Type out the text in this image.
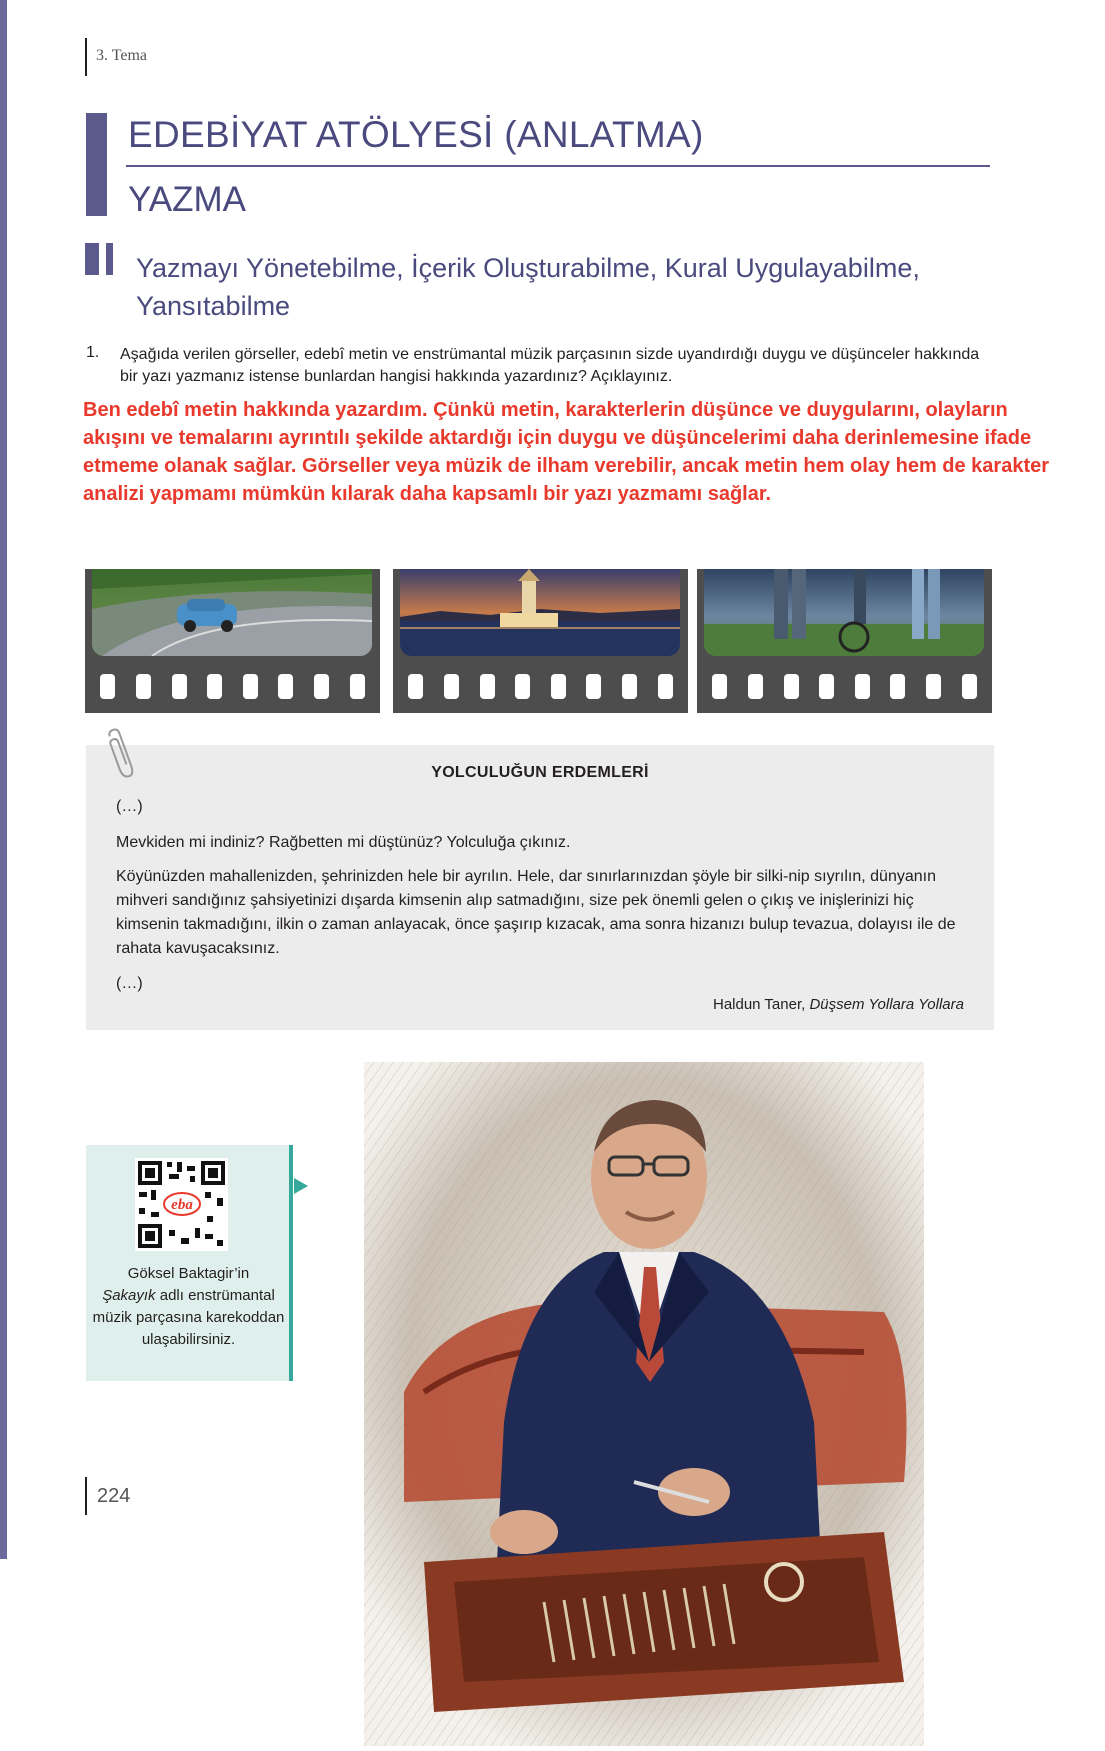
3. Tema
EDEBİYAT ATÖLYESİ (ANLATMA)
YAZMA
Yazmayı Yönetebilme, İçerik Oluşturabilme, Kural Uygulayabilme, Yansıtabilme
1. Aşağıda verilen görseller, edebî metin ve enstrümantal müzik parçasının sizde uyandırdığı duygu ve düşünceler hakkında bir yazı yazmanız istense bunlardan hangisi hakkında yazardınız? Açıklayınız.
Ben edebî metin hakkında yazardım. Çünkü metin, karakterlerin düşünce ve duygularını, olayların akışını ve temalarını ayrıntılı şekilde aktardığı için duygu ve düşüncelerimi daha derinlemesine ifade etmeme olanak sağlar. Görseller veya müzik de ilham verebilir, ancak metin hem olay hem de karakter analizi yapmamı mümkün kılarak daha kapsamlı bir yazı yazmamı sağlar.
YOLCULUĞUN ERDEMLERİ
(…)
Mevkiden mi indiniz? Rağbetten mi düştünüz? Yolculuğa çıkınız.
Köyünüzden mahallenizden, şehrinizden hele bir ayrılın. Hele, dar sınırlarınızdan şöyle bir silki-nip sıyrılın, dünyanın mihveri sandığınız şahsiyetinizi dışarda kimsenin alıp satmadığını, size pek önemli gelen o çıkış ve inişlerinizi hiç kimsenin takmadığını, ilkin o zaman anlayacak, önce şaşırıp kızacak, ama sonra hizanızı bulup tevazua, dolayısı ile de rahata kavuşacaksınız.
(…)
Haldun Taner, Düşsem Yollara Yollara
eba
Göksel Baktagir’in
Şakayık adlı enstrümantal müzik parçasına karekoddan ulaşabilirsiniz.
224
